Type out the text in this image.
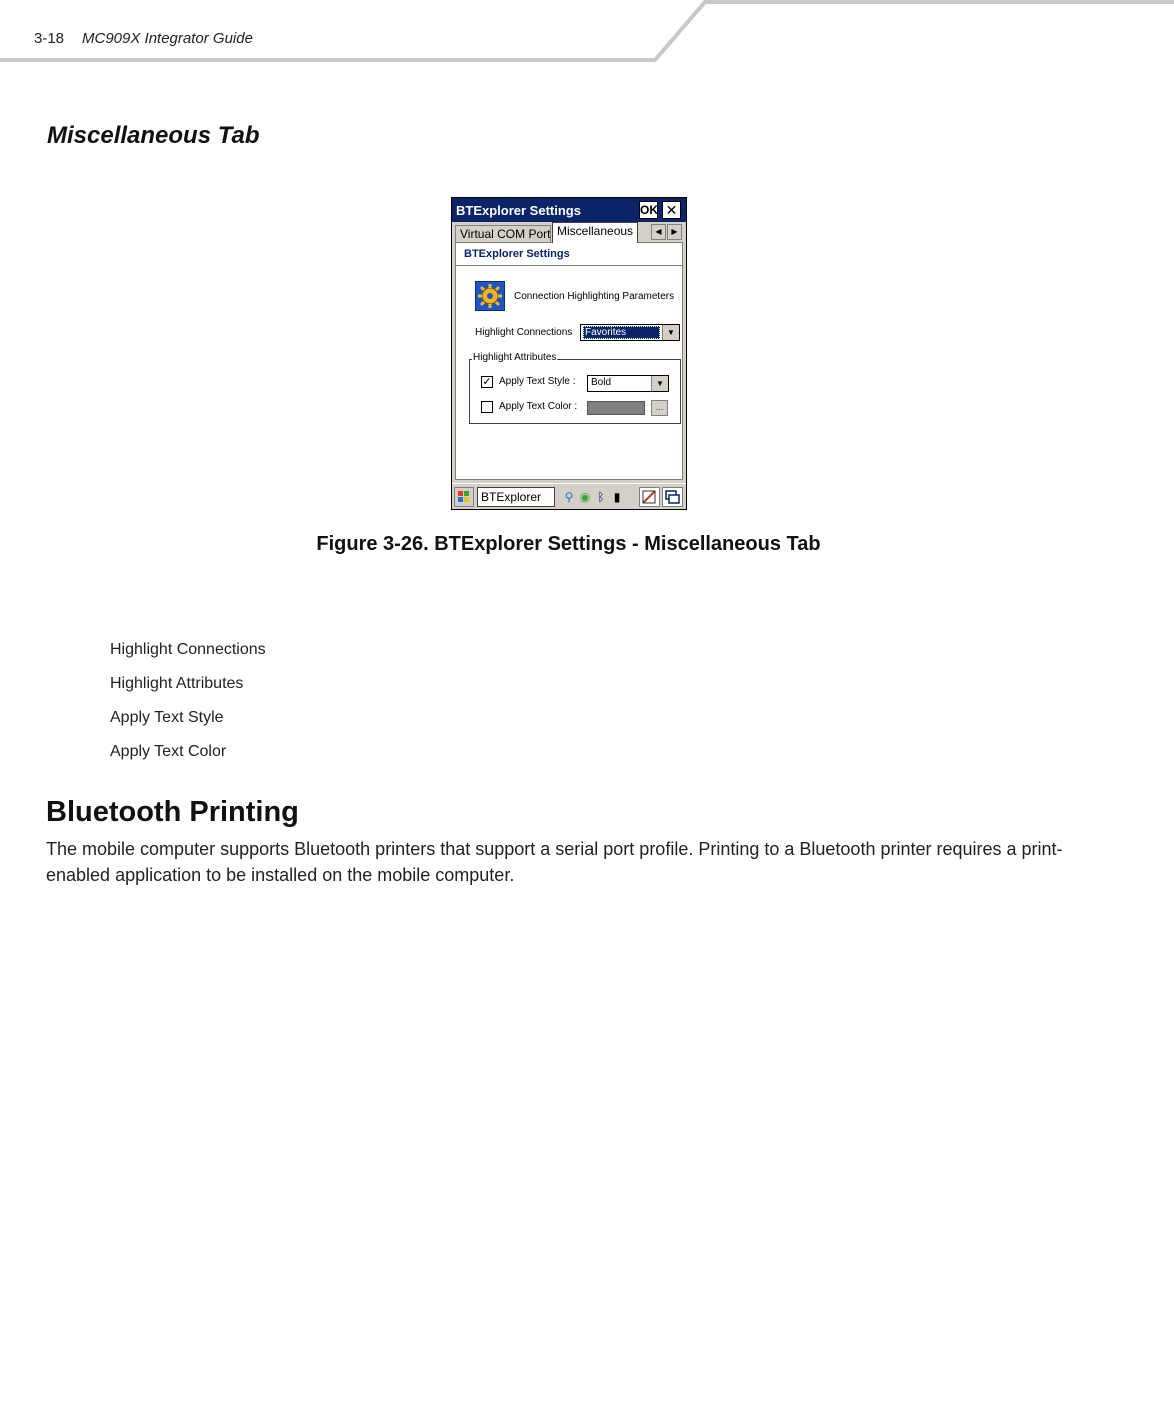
3-18 MC909X Integrator Guide
Miscellaneous Tab
BTExplorer Settings	OK ✕
Virtual COM Port Miscellaneous	◀	▶
BTExplorer Settings
Connection Highlighting Parameters
Highlight Connections Favorites	▼
Highlight Attributes
✓ Apply Text Style : Bold	▼
Apply Text Color :	...
BTExplorer	⚲ ◉ ᛒ ▮
Figure 3-26. BTExplorer Settings - Miscellaneous Tab
Highlight Connections
Highlight Attributes
Apply Text Style
Apply Text Color
Bluetooth Printing

The mobile computer supports Bluetooth printers that support a serial port profile. Printing to a Bluetooth printer requires a print-enabled application to be installed on the mobile computer.
